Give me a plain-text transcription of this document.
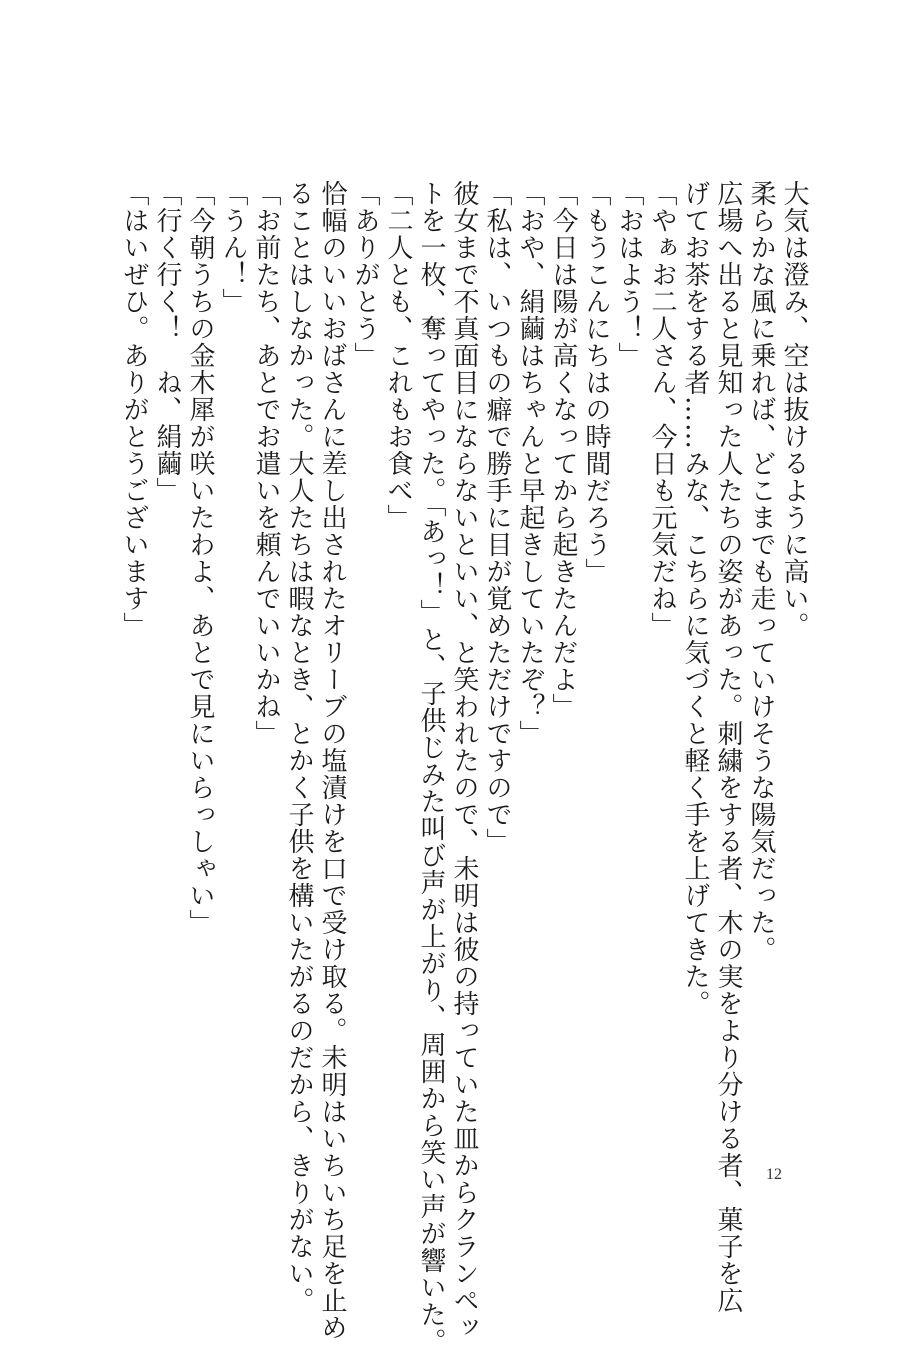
大気は澄み、空は抜けるように高い。
柔らかな風に乗れば、どこまでも走っていけそうな陽気だった。
広場へ出ると見知った人たちの姿があった。刺繍をする者、木の実をより分ける者、菓子を広
げてお茶をする者……みな、こちらに気づくと軽く手を上げてきた。
「やぁお二人さん、今日も元気だね」
「おはよう！」
「もうこんにちはの時間だろう」
「今日は陽が高くなってから起きたんだよ」
「おや、絹繭はちゃんと早起きしていたぞ？」
「私は、いつもの癖で勝手に目が覚めただけですので」
彼女まで不真面目にならないといい、と笑われたので、未明は彼の持っていた皿からクランペッ
トを一枚、奪ってやった。「あっ！」と、子供じみた叫び声が上がり、周囲から笑い声が響いた。
「二人とも、これもお食べ」
「ありがとう」
恰幅のいいおばさんに差し出されたオリーブの塩漬けを口で受け取る。未明はいちいち足を止め
ることはしなかった。大人たちは暇なとき、とかく子供を構いたがるのだから、きりがない。
「お前たち、あとでお遣いを頼んでいいかね」
「うん！」
「今朝うちの金木犀が咲いたわよ、あとで見にいらっしゃい」
「行く行く！　ね、絹繭」
「はいぜひ。ありがとうございます」
12
